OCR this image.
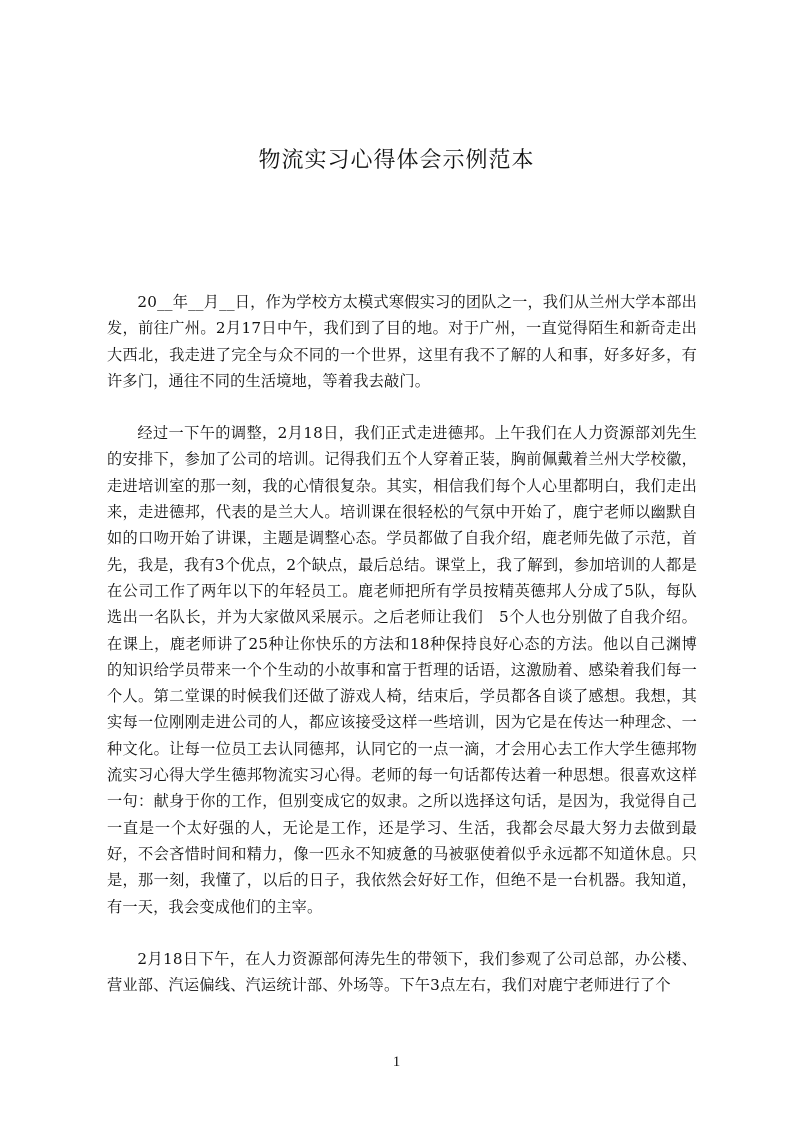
物流实习心得体会示例范本

20__年__月__日，作为学校方太模式寒假实习的团队之一，我们从兰州大学本部出发，前往广州。2月17日中午，我们到了目的地。对于广州，一直觉得陌生和新奇走出大西北，我走进了完全与众不同的一个世界，这里有我不了解的人和事，好多好多，有许多门，通往不同的生活境地，等着我去敲门。

经过一下午的调整，2月18日，我们正式走进德邦。上午我们在人力资源部刘先生的安排下，参加了公司的培训。记得我们五个人穿着正装，胸前佩戴着兰州大学校徽，走进培训室的那一刻，我的心情很复杂。其实，相信我们每个人心里都明白，我们走出来，走进德邦，代表的是兰大人。培训课在很轻松的气氛中开始了，鹿宁老师以幽默自如的口吻开始了讲课，主题是调整心态。学员都做了自我介绍，鹿老师先做了示范，首先，我是，我有3个优点，2个缺点，最后总结。课堂上，我了解到，参加培训的人都是在公司工作了两年以下的年轻员工。鹿老师把所有学员按精英德邦人分成了5队，每队选出一名队长，并为大家做风采展示。之后老师让我们　5个人也分别做了自我介绍。在课上，鹿老师讲了25种让你快乐的方法和18种保持良好心态的方法。他以自己渊博的知识给学员带来一个个生动的小故事和富于哲理的话语，这激励着、感染着我们每一个人。第二堂课的时候我们还做了游戏人椅，结束后，学员都各自谈了感想。我想，其实每一位刚刚走进公司的人，都应该接受这样一些培训，因为它是在传达一种理念、一种文化。让每一位员工去认同德邦，认同它的一点一滴，才会用心去工作大学生德邦物流实习心得大学生德邦物流实习心得。老师的每一句话都传达着一种思想。很喜欢这样一句：献身于你的工作，但别变成它的奴隶。之所以选择这句话，是因为，我觉得自己一直是一个太好强的人，无论是工作，还是学习、生活，我都会尽最大努力去做到最好，不会吝惜时间和精力，像一匹永不知疲惫的马被驱使着似乎永远都不知道休息。只是，那一刻，我懂了，以后的日子，我依然会好好工作，但绝不是一台机器。我知道，有一天，我会变成他们的主宰。

2月18日下午，在人力资源部何涛先生的带领下，我们参观了公司总部，办公楼、营业部、汽运偏线、汽运统计部、外场等。下午3点左右，我们对鹿宁老师进行了个

1
